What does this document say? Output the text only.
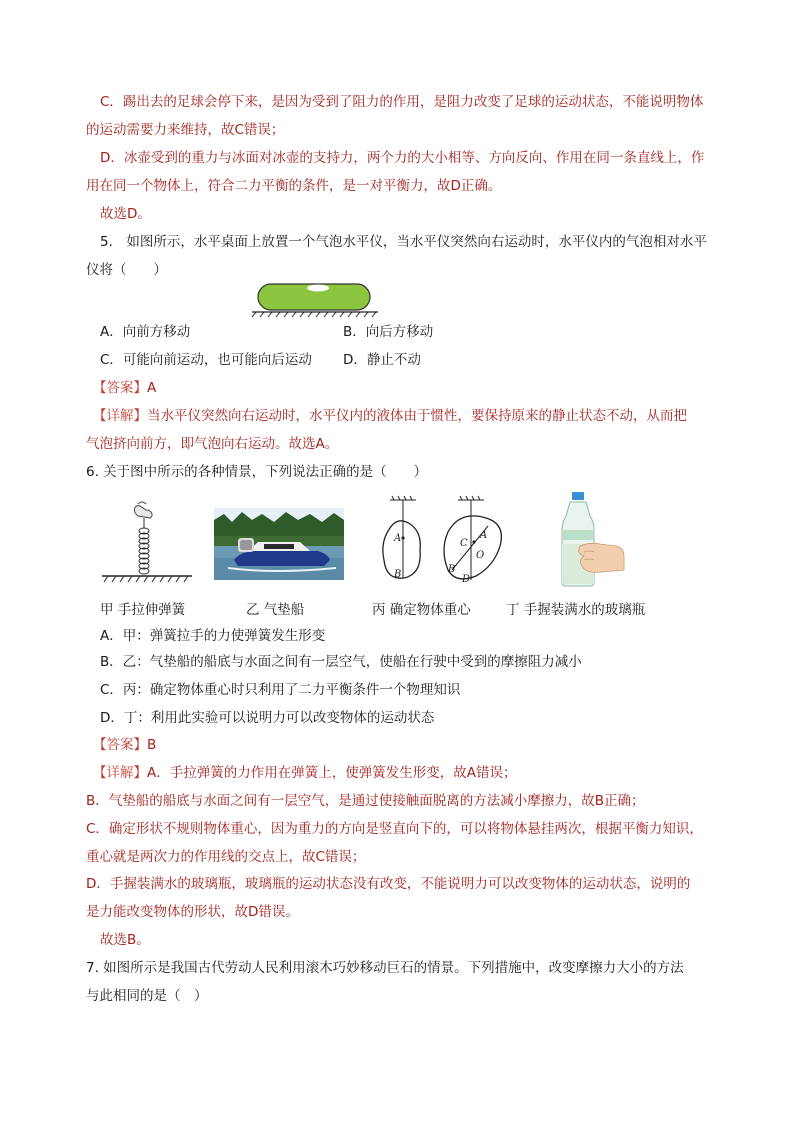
C．踢出去的足球会停下来，是因为受到了阻力的作用，是阻力改变了足球的运动状态，不能说明物体
的运动需要力来维持，故C错误；
D．冰壶受到的重力与冰面对冰壶的支持力，两个力的大小相等、方向反向、作用在同一条直线上，作
用在同一个物体上，符合二力平衡的条件，是一对平衡力，故D正确。
故选D。
5.　如图所示，水平桌面上放置一个气泡水平仪，当水平仪突然向右运动时，水平仪内的气泡相对水平
仪将（　　）
A．向前方移动	B．向后方移动
C．可能向前运动，也可能向后运动 D．静止不动
【答案】A
【详解】当水平仪突然向右运动时，水平仪内的液体由于惯性，要保持原来的静止状态不动，从而把
气泡挤向前方，即气泡向右运动。故选A。
6. 关于图中所示的各种情景，下列说法正确的是（　　）
A
B
C
A
O
B
D
甲 手拉伸弹簧	乙 气垫船	丙 确定物体重心	丁 手握装满水的玻璃瓶
A．甲：弹簧拉手的力使弹簧发生形变
B．乙：气垫船的船底与水面之间有一层空气，使船在行驶中受到的摩擦阻力减小
C．丙：确定物体重心时只利用了二力平衡条件一个物理知识
D．丁：利用此实验可以说明力可以改变物体的运动状态
【答案】B
【详解】A．手拉弹簧的力作用在弹簧上，使弹簧发生形变，故A错误；
B．气垫船的船底与水面之间有一层空气，是通过使接触面脱离的方法减小摩擦力，故B正确；
C．确定形状不规则物体重心，因为重力的方向是竖直向下的，可以将物体悬挂两次，根据平衡力知识，
重心就是两次力的作用线的交点上，故C错误；
D．手握装满水的玻璃瓶，玻璃瓶的运动状态没有改变，不能说明力可以改变物体的运动状态，说明的
是力能改变物体的形状，故D错误。
故选B。
7. 如图所示是我国古代劳动人民利用滚木巧妙移动巨石的情景。下列措施中，改变摩擦力大小的方法
与此相同的是（　）
